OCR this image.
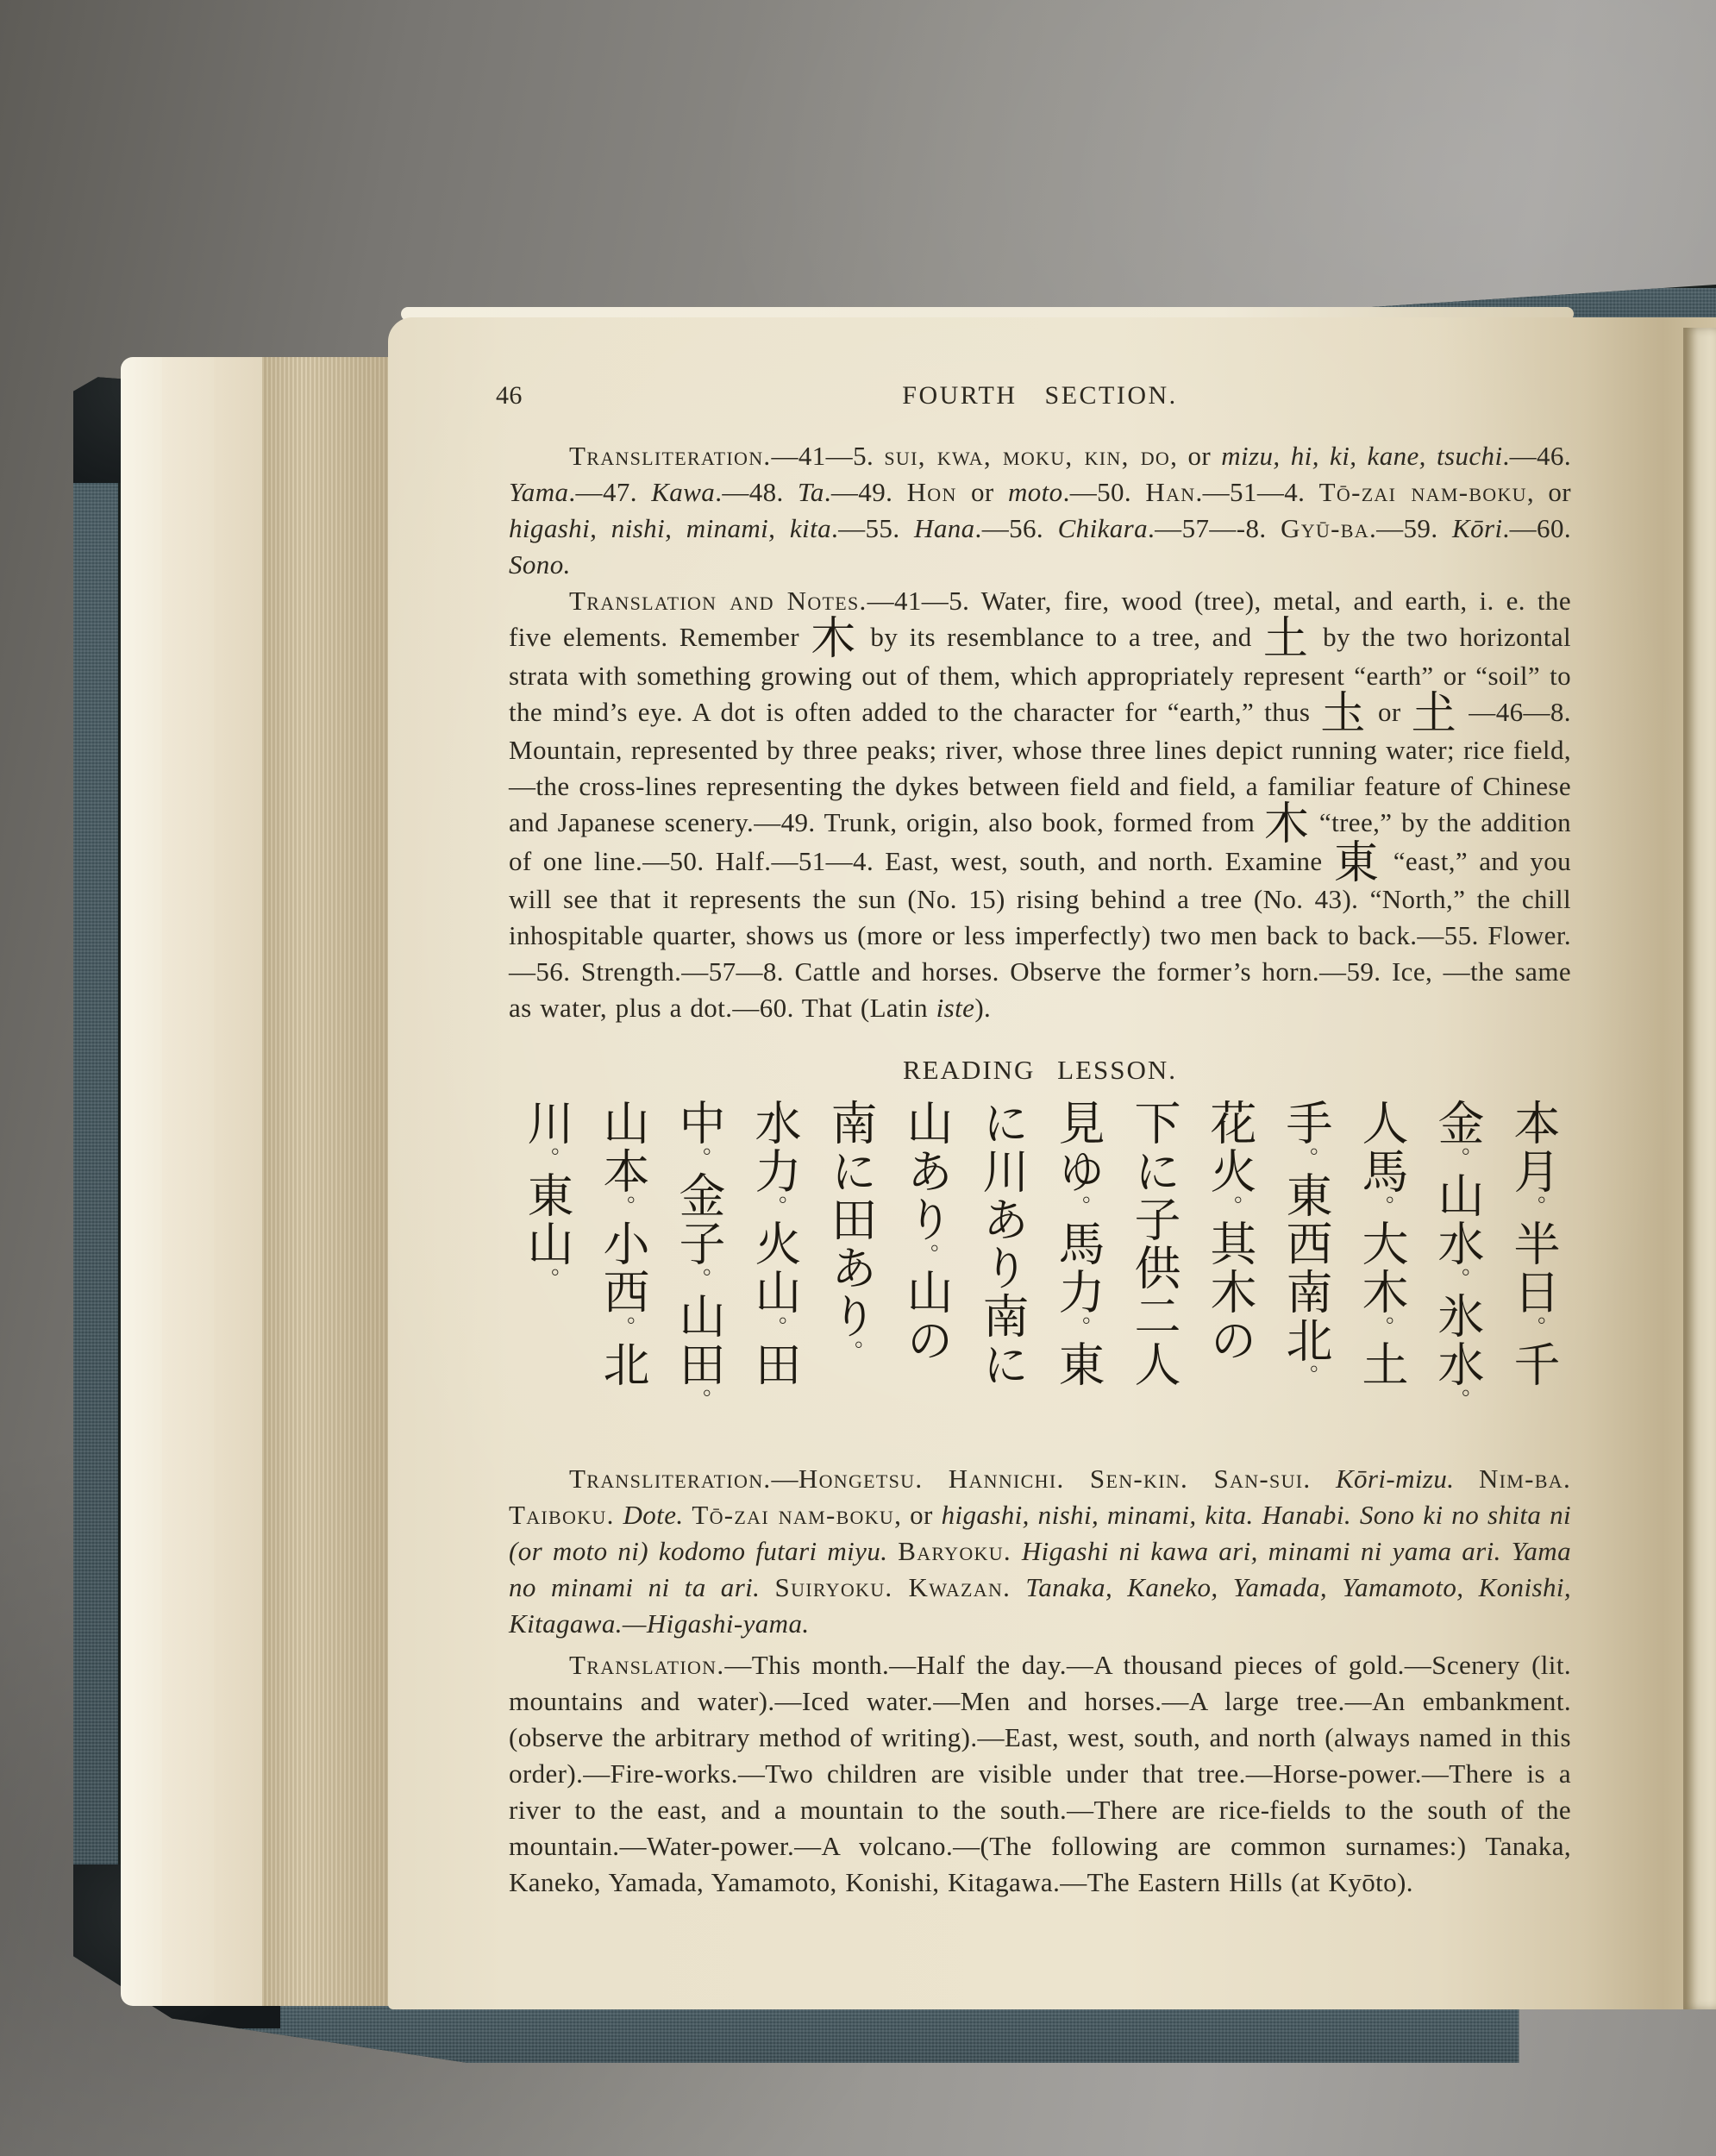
46	FOURTH SECTION.

Transliteration.—41—5. sui, kwa, moku, kin, do, or mizu, hi, ki, kane, tsuchi.—46. Yama.—47. Kawa.—48. Ta.—49. Hon or moto.—50. Han.—51—4. Tō-zai nam-boku, or higashi, nishi, minami, kita.—55. Hana.—56. Chikara.—57—-8. Gyū-ba.—59. Kōri.—60. Sono.

Translation and Notes.—41—5. Water, fire, wood (tree), metal, and earth, i. e. the five elements. Remember 木 by its resemblance to a tree, and 土 by the two horizontal strata with something growing out of them, which appropriately represent “earth” or “soil” to the mind’s eye. A dot is often added to the character for “earth,” thus 圡 or 𡈽 —46—8. Mountain, represented by three peaks; river, whose three lines depict running water; rice field,—the cross-lines representing the dykes between field and field, a familiar feature of Chinese and Japanese scenery.—49. Trunk, origin, also book, formed from 木 “tree,” by the addition of one line.—50. Half.—51—4. East, west, south, and north. Examine 東 “east,” and you will see that it represents the sun (No. 15) rising behind a tree (No. 43). “North,” the chill inhospitable quarter, shows us (more or less imperfectly) two men back to back.—55. Flower.—56. Strength.—57—8. Cattle and horses. Observe the former’s horn.—59. Ice, —the same as water, plus a dot.—60. That (Latin iste).

READING LESSON.
本月。半日。千
金。山水。氷水。
人馬。大木。土
手。東西南北。
花火。其木の
下に子供二人
見ゆ。馬力。東
に川あり南に
山あり。山の
南に田あり。
水力。火山。田
中。金子。山田。
山本。小西。北
川。東山。

Transliteration.—Hongetsu. Hannichi. Sen-kin. San-sui. Kōri-mizu. Nim-ba. Taiboku. Dote. Tō-zai nam-boku, or higashi, nishi, minami, kita. Hanabi. Sono ki no shita ni (or moto ni) kodomo futari miyu. Baryoku. Higashi ni kawa ari, minami ni yama ari. Yama no minami ni ta ari. Suiryoku. Kwazan. Tanaka, Kaneko, Yamada, Yamamoto, Konishi, Kitagawa.—Higashi-yama.

Translation.—This month.—Half the day.—A thousand pieces of gold.—Scenery (lit. mountains and water).—Iced water.—Men and horses.—A large tree.—An embankment. (observe the arbitrary method of writing).—East, west, south, and north (always named in this order).—Fire-works.—Two children are visible under that tree.—Horse-power.—There is a river to the east, and a mountain to the south.—There are rice-fields to the south of the mountain.—Water-power.—A volcano.—(The following are common surnames:) Tanaka, Kaneko, Yamada, Yamamoto, Konishi, Kitagawa.—The Eastern Hills (at Kyōto).
